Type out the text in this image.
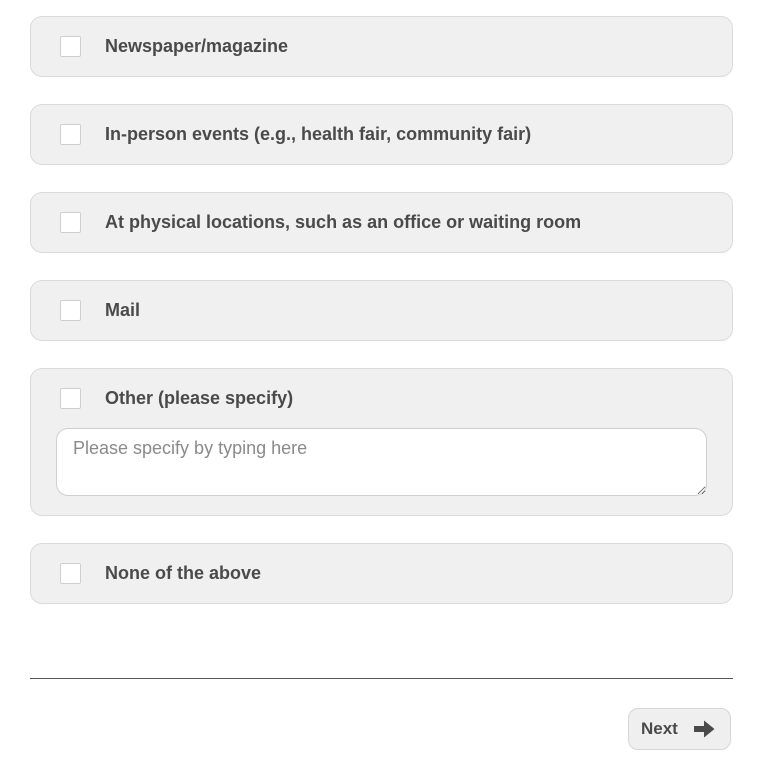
Newspaper/magazine
In-person events (e.g., health fair, community fair)
At physical locations, such as an office or waiting room
Mail
Other (please specify)
Please specify by typing here
None of the above
Next
